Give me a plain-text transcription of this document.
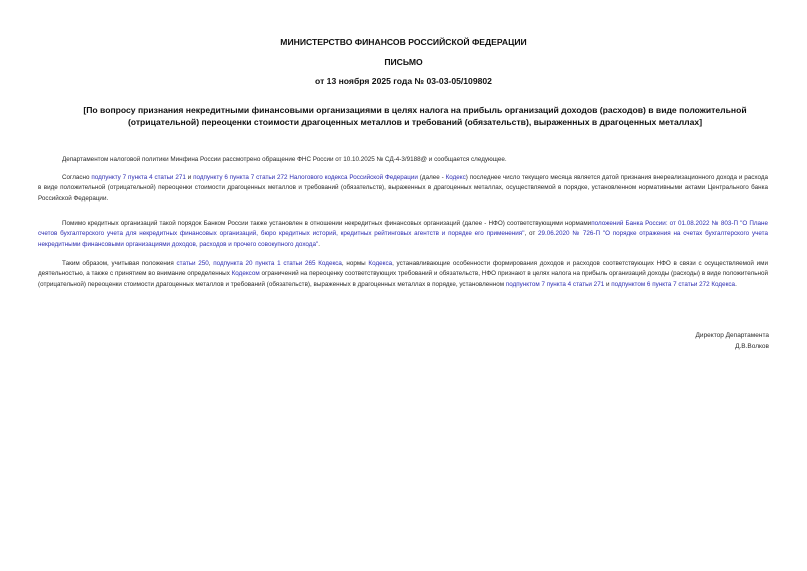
МИНИСТЕРСТВО ФИНАНСОВ РОССИЙСКОЙ ФЕДЕРАЦИИ
ПИСЬМО
от 13 ноября 2025 года № 03-03-05/109802
[По вопросу признания некредитными финансовыми организациями в целях налога на прибыль организаций доходов (расходов) в виде положительной (отрицательной) переоценки стоимости драгоценных металлов и требований (обязательств), выраженных в драгоценных металлах]
Департаментом налоговой политики Минфина России рассмотрено обращение ФНС России от 10.10.2025 № СД-4-3/9188@ и сообщается следующее.
Согласно подпункту 7 пункта 4 статьи 271 и подпункту 6 пункта 7 статьи 272 Налогового кодекса Российской Федерации (далее - Кодекс) последнее число текущего месяца является датой признания внереализационного дохода и расхода в виде положительной (отрицательной) переоценки стоимости драгоценных металлов и требований (обязательств), выраженных в драгоценных металлах, осуществляемой в порядке, установленном нормативными актами Центрального банка Российской Федерации.
Помимо кредитных организаций такой порядок Банком России также установлен в отношении некредитных финансовых организаций (далее - НФО) соответствующими нормамиположений Банка России: от 01.08.2022 № 803-П "О Плане счетов бухгалтерского учета для некредитных финансовых организаций, бюро кредитных историй, кредитных рейтинговых агентств и порядке его применения", от 29.06.2020 № 726-П "О порядке отражения на счетах бухгалтерского учета некредитными финансовыми организациями доходов, расходов и прочего совокупного дохода".
Таким образом, учитывая положения статьи 250, подпункта 20 пункта 1 статьи 265 Кодекса, нормы Кодекса, устанавливающие особенности формирования доходов и расходов соответствующих НФО в связи с осуществляемой ими деятельностью, а также с принятием во внимание определенных Кодексом ограничений на переоценку соответствующих требований и обязательств, НФО признают в целях налога на прибыль организаций доходы (расходы) в виде положительной (отрицательной) переоценки стоимости драгоценных металлов и требований (обязательств), выраженных в драгоценных металлах в порядке, установленном подпунктом 7 пункта 4 статьи 271 и подпунктом 6 пункта 7 статьи 272 Кодекса.
Директор Департамента
Д.В.Волков
